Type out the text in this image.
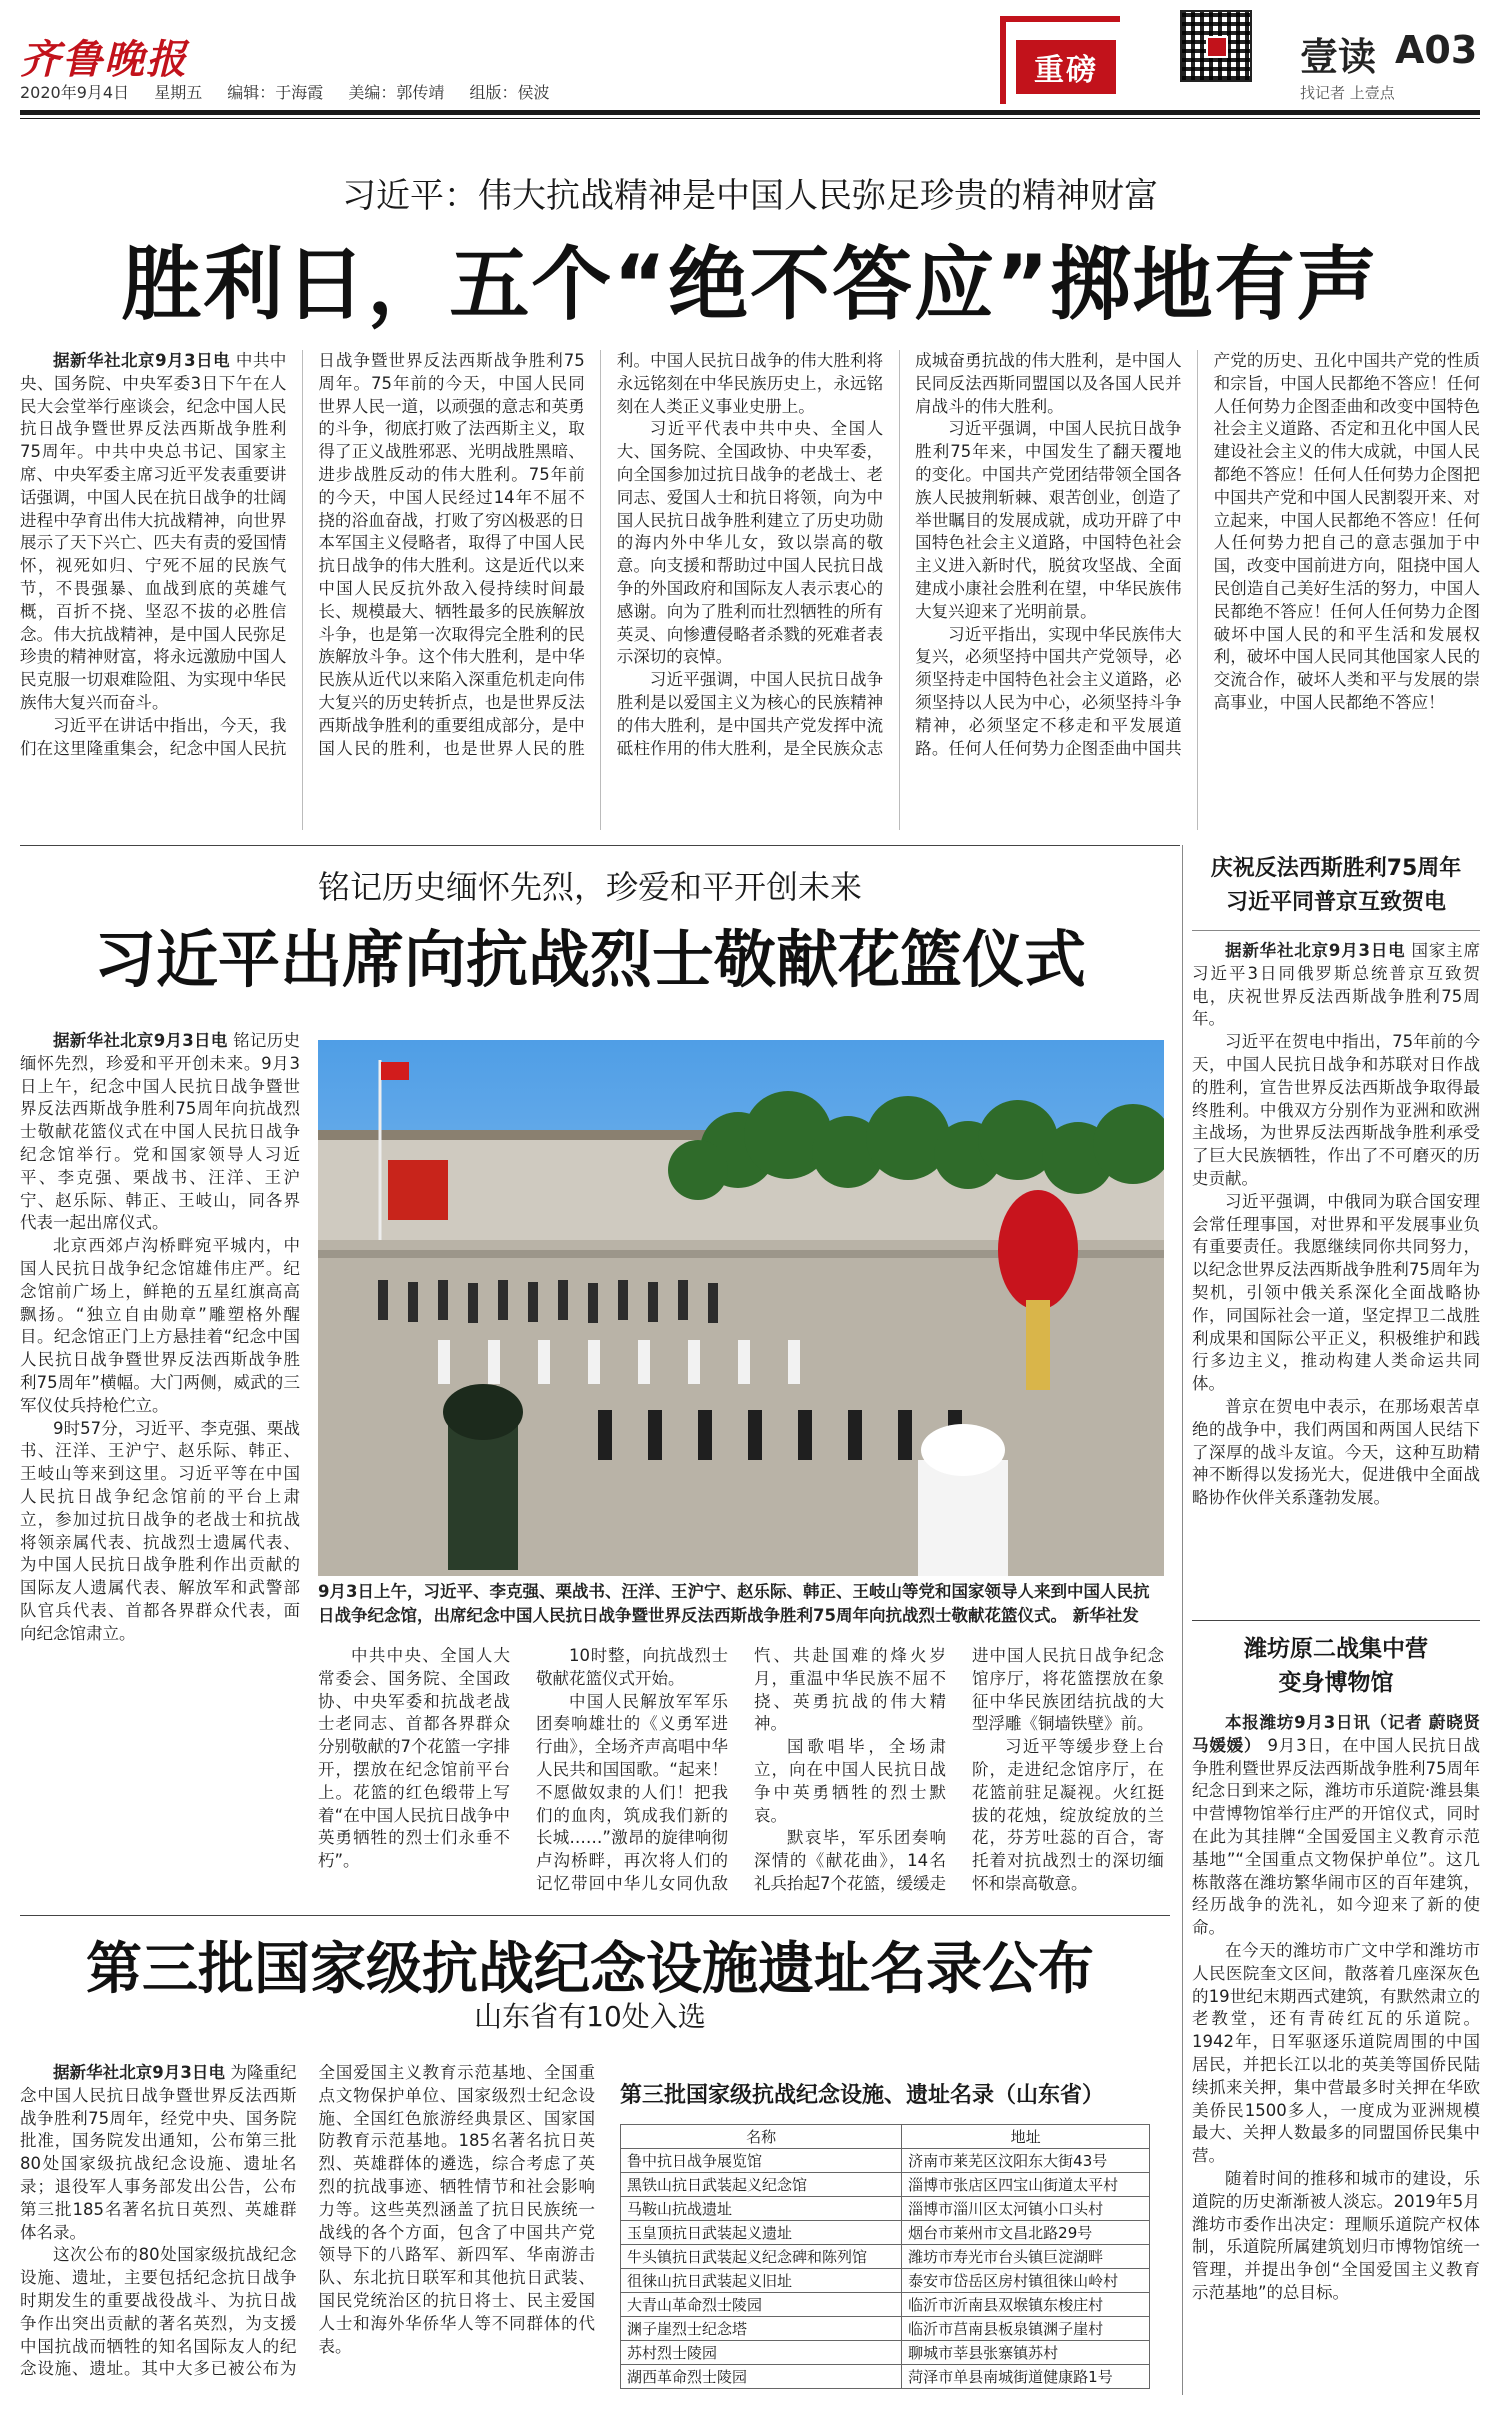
齐鲁晚报
2020年9月4日 星期五 编辑：于海霞 美编：郭传靖 组版：侯波
重磅	壹读 A03
找记者 上壹点
习近平：伟大抗战精神是中国人民弥足珍贵的精神财富
胜利日，五个“绝不答应”掷地有声

据新华社北京9月3日电 中共中央、国务院、中央军委3日下午在人民大会堂举行座谈会，纪念中国人民抗日战争暨世界反法西斯战争胜利75周年。中共中央总书记、国家主席、中央军委主席习近平发表重要讲话强调，中国人民在抗日战争的壮阔进程中孕育出伟大抗战精神，向世界展示了天下兴亡、匹夫有责的爱国情怀，视死如归、宁死不屈的民族气节，不畏强暴、血战到底的英雄气概，百折不挠、坚忍不拔的必胜信念。伟大抗战精神，是中国人民弥足珍贵的精神财富，将永远激励中国人民克服一切艰难险阻、为实现中华民族伟大复兴而奋斗。

习近平在讲话中指出，今天，我们在这里隆重集会，纪念中国人民抗日战争暨世界反法西斯战争胜利75周年。75年前的今天，中国人民同世界人民一道，以顽强的意志和英勇的斗争，彻底打败了法西斯主义，取得了正义战胜邪恶、光明战胜黑暗、进步战胜反动的伟大胜利。75年前的今天，中国人民经过14年不屈不挠的浴血奋战，打败了穷凶极恶的日本军国主义侵略者，取得了中国人民抗日战争的伟大胜利。这是近代以来中国人民反抗外敌入侵持续时间最长、规模最大、牺牲最多的民族解放斗争，也是第一次取得完全胜利的民族解放斗争。这个伟大胜利，是中华民族从近代以来陷入深重危机走向伟大复兴的历史转折点，也是世界反法西斯战争胜利的重要组成部分，是中国人民的胜利，也是世界人民的胜利。中国人民抗日战争的伟大胜利将永远铭刻在中华民族历史上，永远铭刻在人类正义事业史册上。

习近平代表中共中央、全国人大、国务院、全国政协、中央军委，向全国参加过抗日战争的老战士、老同志、爱国人士和抗日将领，向为中国人民抗日战争胜利建立了历史功勋的海内外中华儿女，致以崇高的敬意。向支援和帮助过中国人民抗日战争的外国政府和国际友人表示衷心的感谢。向为了胜利而壮烈牺牲的所有英灵、向惨遭侵略者杀戮的死难者表示深切的哀悼。

习近平强调，中国人民抗日战争胜利是以爱国主义为核心的民族精神的伟大胜利，是中国共产党发挥中流砥柱作用的伟大胜利，是全民族众志成城奋勇抗战的伟大胜利，是中国人民同反法西斯同盟国以及各国人民并肩战斗的伟大胜利。

习近平强调，中国人民抗日战争胜利75年来，中国发生了翻天覆地的变化。中国共产党团结带领全国各族人民披荆斩棘、艰苦创业，创造了举世瞩目的发展成就，成功开辟了中国特色社会主义道路，中国特色社会主义进入新时代，脱贫攻坚战、全面建成小康社会胜利在望，中华民族伟大复兴迎来了光明前景。

习近平指出，实现中华民族伟大复兴，必须坚持中国共产党领导，必须坚持走中国特色社会主义道路，必须坚持以人民为中心，必须坚持斗争精神，必须坚定不移走和平发展道路。任何人任何势力企图歪曲中国共产党的历史、丑化中国共产党的性质和宗旨，中国人民都绝不答应！任何人任何势力企图歪曲和改变中国特色社会主义道路、否定和丑化中国人民建设社会主义的伟大成就，中国人民都绝不答应！任何人任何势力企图把中国共产党和中国人民割裂开来、对立起来，中国人民都绝不答应！任何人任何势力把自己的意志强加于中国，改变中国前进方向，阻挠中国人民创造自己美好生活的努力，中国人民都绝不答应！任何人任何势力企图破坏中国人民的和平生活和发展权利，破坏中国人民同其他国家人民的交流合作，破坏人类和平与发展的崇高事业，中国人民都绝不答应！

铭记历史缅怀先烈，珍爱和平开创未来
习近平出席向抗战烈士敬献花篮仪式

据新华社北京9月3日电 铭记历史缅怀先烈，珍爱和平开创未来。9月3日上午，纪念中国人民抗日战争暨世界反法西斯战争胜利75周年向抗战烈士敬献花篮仪式在中国人民抗日战争纪念馆举行。党和国家领导人习近平、李克强、栗战书、汪洋、王沪宁、赵乐际、韩正、王岐山，同各界代表一起出席仪式。

北京西郊卢沟桥畔宛平城内，中国人民抗日战争纪念馆雄伟庄严。纪念馆前广场上，鲜艳的五星红旗高高飘扬。“独立自由勋章”雕塑格外醒目。纪念馆正门上方悬挂着“纪念中国人民抗日战争暨世界反法西斯战争胜利75周年”横幅。大门两侧，威武的三军仪仗兵持枪伫立。

9时57分，习近平、李克强、栗战书、汪洋、王沪宁、赵乐际、韩正、王岐山等来到这里。习近平等在中国人民抗日战争纪念馆前的平台上肃立，参加过抗日战争的老战士和抗战将领亲属代表、抗战烈士遗属代表、为中国人民抗日战争胜利作出贡献的国际友人遗属代表、解放军和武警部队官兵代表、首都各界群众代表，面向纪念馆肃立。

9月3日上午，习近平、李克强、栗战书、汪洋、王沪宁、赵乐际、韩正、王岐山等党和国家领导人来到中国人民抗日战争纪念馆，出席纪念中国人民抗日战争暨世界反法西斯战争胜利75周年向抗战烈士敬献花篮仪式。 新华社发

中共中央、全国人大常委会、国务院、全国政协、中央军委和抗战老战士老同志、首都各界群众分别敬献的7个花篮一字排开，摆放在纪念馆前平台上。花篮的红色缎带上写着“在中国人民抗日战争中英勇牺牲的烈士们永垂不朽”。

10时整，向抗战烈士敬献花篮仪式开始。

中国人民解放军军乐团奏响雄壮的《义勇军进行曲》，全场齐声高唱中华人民共和国国歌。“起来！不愿做奴隶的人们！把我们的血肉，筑成我们新的长城……”激昂的旋律响彻卢沟桥畔，再次将人们的记忆带回中华儿女同仇敌忾、共赴国难的烽火岁月，重温中华民族不屈不挠、英勇抗战的伟大精神。

国歌唱毕，全场肃立，向在中国人民抗日战争中英勇牺牲的烈士默哀。

默哀毕，军乐团奏响深情的《献花曲》，14名礼兵抬起7个花篮，缓缓走进中国人民抗日战争纪念馆序厅，将花篮摆放在象征中华民族团结抗战的大型浮雕《铜墙铁壁》前。

习近平等缓步登上台阶，走进纪念馆序厅，在花篮前驻足凝视。火红挺拔的花烛，绽放绽放的兰花，芬芳吐蕊的百合，寄托着对抗战烈士的深切缅怀和崇高敬意。

庆祝反法西斯胜利75周年
习近平同普京互致贺电

据新华社北京9月3日电 国家主席习近平3日同俄罗斯总统普京互致贺电，庆祝世界反法西斯战争胜利75周年。

习近平在贺电中指出，75年前的今天，中国人民抗日战争和苏联对日作战的胜利，宣告世界反法西斯战争取得最终胜利。中俄双方分别作为亚洲和欧洲主战场，为世界反法西斯战争胜利承受了巨大民族牺牲，作出了不可磨灭的历史贡献。

习近平强调，中俄同为联合国安理会常任理事国，对世界和平发展事业负有重要责任。我愿继续同你共同努力，以纪念世界反法西斯战争胜利75周年为契机，引领中俄关系深化全面战略协作，同国际社会一道，坚定捍卫二战胜利成果和国际公平正义，积极维护和践行多边主义，推动构建人类命运共同体。

普京在贺电中表示，在那场艰苦卓绝的战争中，我们两国和两国人民结下了深厚的战斗友谊。今天，这种互助精神不断得以发扬光大，促进俄中全面战略协作伙伴关系蓬勃发展。

潍坊原二战集中营
变身博物馆

本报潍坊9月3日讯（记者 蔚晓贤 马媛媛） 9月3日，在中国人民抗日战争胜利暨世界反法西斯战争胜利75周年纪念日到来之际，潍坊市乐道院·潍县集中营博物馆举行庄严的开馆仪式，同时在此为其挂牌“全国爱国主义教育示范基地”“全国重点文物保护单位”。这几栋散落在潍坊繁华闹市区的百年建筑，经历战争的洗礼，如今迎来了新的使命。

在今天的潍坊市广文中学和潍坊市人民医院奎文区间，散落着几座深灰色的19世纪末期西式建筑，有默然肃立的老教堂，还有青砖红瓦的乐道院。1942年，日军驱逐乐道院周围的中国居民，并把长江以北的英美等国侨民陆续抓来关押，集中营最多时关押在华欧美侨民1500多人，一度成为亚洲规模最大、关押人数最多的同盟国侨民集中营。

随着时间的推移和城市的建设，乐道院的历史渐渐被人淡忘。2019年5月潍坊市委作出决定：理顺乐道院产权体制，乐道院所属建筑划归市博物馆统一管理，并提出争创“全国爱国主义教育示范基地”的总目标。

第三批国家级抗战纪念设施遗址名录公布
山东省有10处入选

据新华社北京9月3日电 为隆重纪念中国人民抗日战争暨世界反法西斯战争胜利75周年，经党中央、国务院批准，国务院发出通知，公布第三批80处国家级抗战纪念设施、遗址名录；退役军人事务部发出公告，公布第三批185名著名抗日英烈、英雄群体名录。

这次公布的80处国家级抗战纪念设施、遗址，主要包括纪念抗日战争时期发生的重要战役战斗、为抗日战争作出突出贡献的著名英烈，为支援中国抗战而牺牲的知名国际友人的纪念设施、遗址。其中大多已被公布为全国爱国主义教育示范基地、全国重点文物保护单位、国家级烈士纪念设施、全国红色旅游经典景区、国家国防教育示范基地。185名著名抗日英烈、英雄群体的遴选，综合考虑了英烈的抗战事迹、牺牲情节和社会影响力等。这些英烈涵盖了抗日民族统一战线的各个方面，包含了中国共产党领导下的八路军、新四军、华南游击队、东北抗日联军和其他抗日武装、国民党统治区的抗日将士、民主爱国人士和海外华侨华人等不同群体的代表。

第三批国家级抗战纪念设施、遗址名录（山东省）
名称	地址
鲁中抗日战争展览馆	济南市莱芜区汶阳东大街43号
黑铁山抗日武装起义纪念馆	淄博市张店区四宝山街道太平村
马鞍山抗战遗址	淄博市淄川区太河镇小口头村
玉皇顶抗日武装起义遗址	烟台市莱州市文昌北路29号
牛头镇抗日武装起义纪念碑和陈列馆	潍坊市寿光市台头镇巨淀湖畔
徂徕山抗日武装起义旧址	泰安市岱岳区房村镇徂徕山岭村
大青山革命烈士陵园	临沂市沂南县双堠镇东梭庄村
渊子崖烈士纪念塔	临沂市莒南县板泉镇渊子崖村
苏村烈士陵园	聊城市莘县张寨镇苏村
湖西革命烈士陵园	菏泽市单县南城街道健康路1号
